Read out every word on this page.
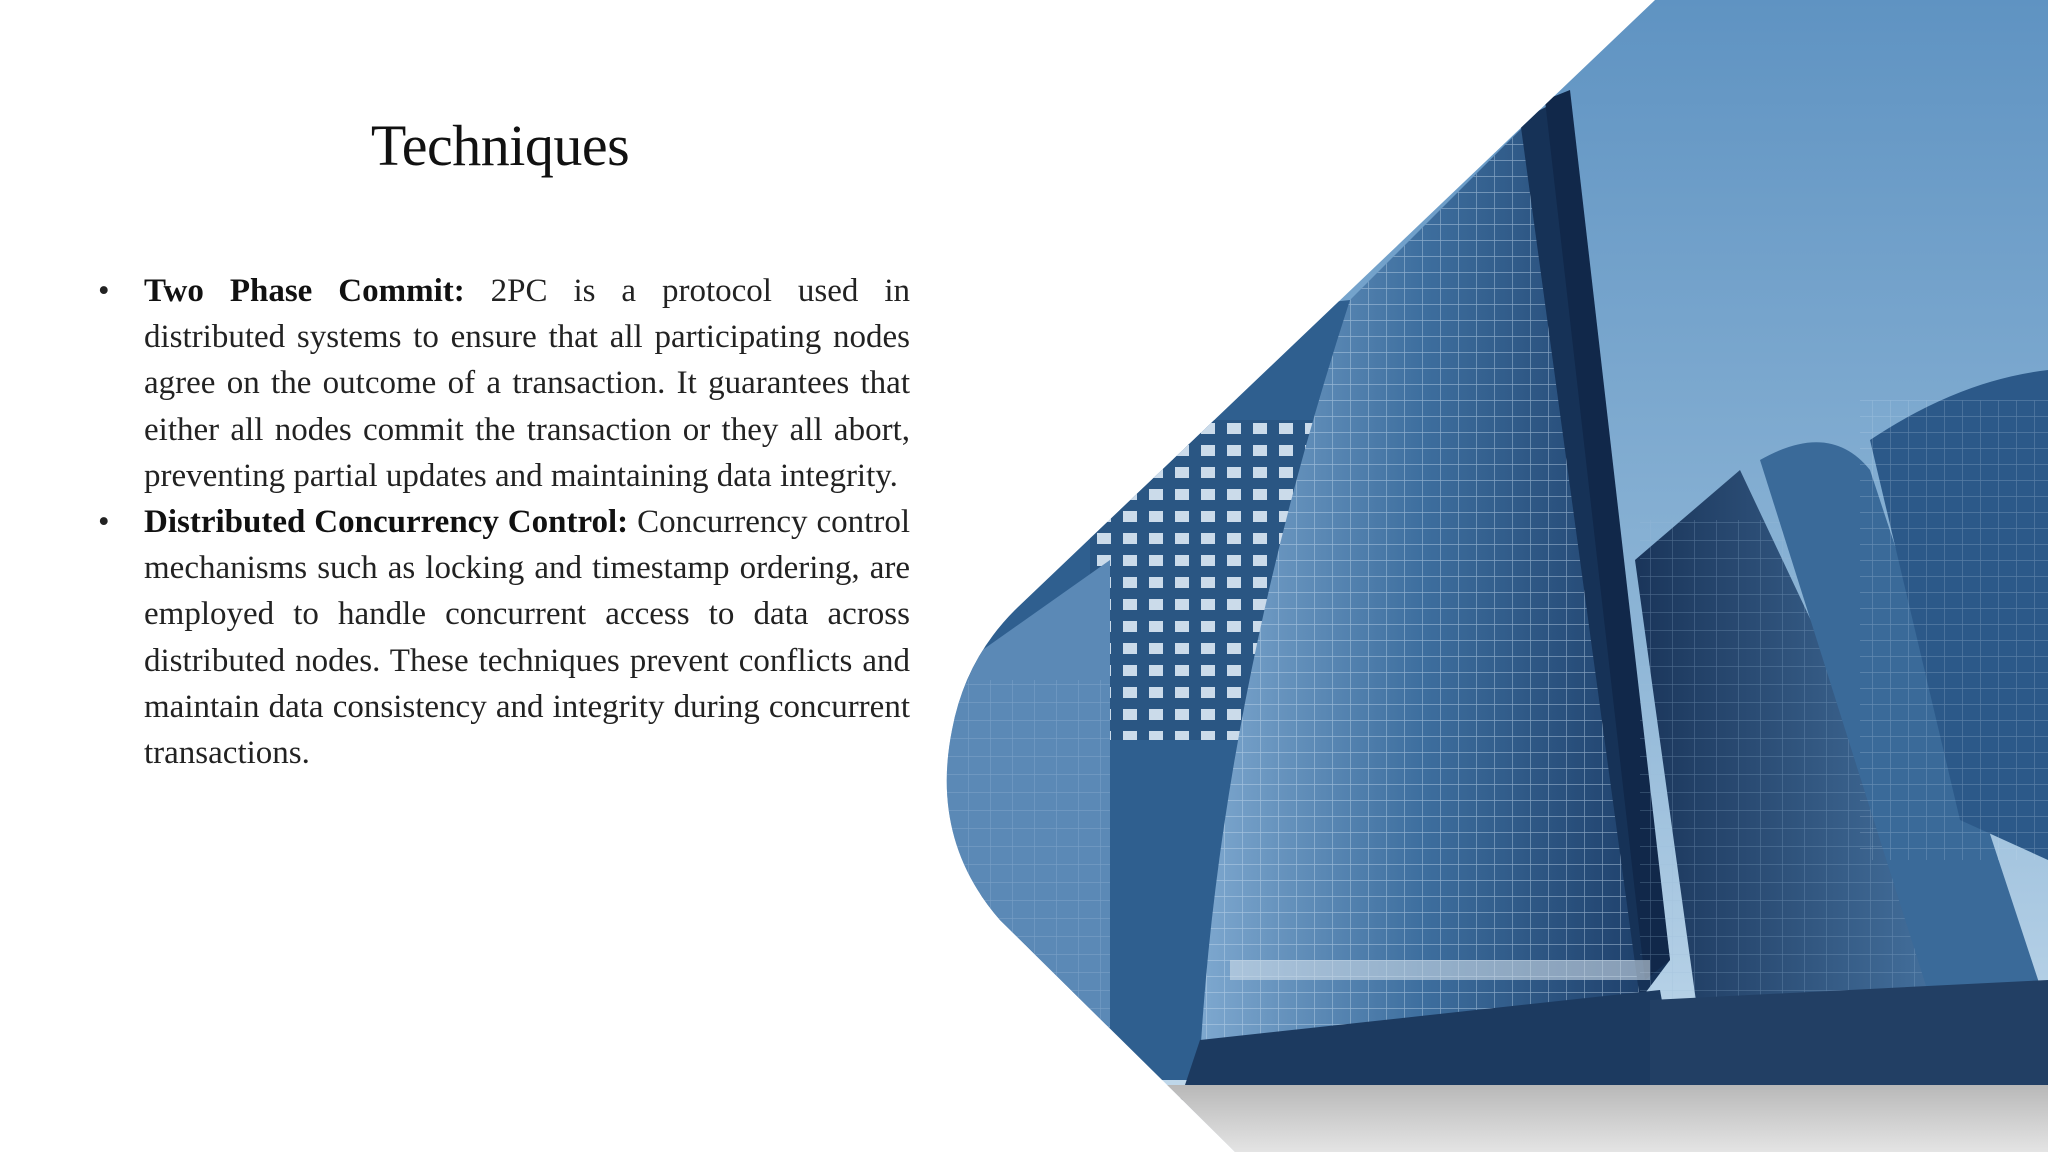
Techniques
• Two Phase Commit: 2PC is a protocol used in distributed systems to ensure that all participating nodes agree on the outcome of a transaction. It guarantees that either all nodes commit the transaction or they all abort, preventing partial updates and maintaining data integrity.
• Distributed Concurrency Control: Concurrency control mechanisms such as locking and timestamp ordering, are employed to handle concurrent access to data across distributed nodes. These techniques prevent conflicts and maintain data consistency and integrity during concurrent transactions.
